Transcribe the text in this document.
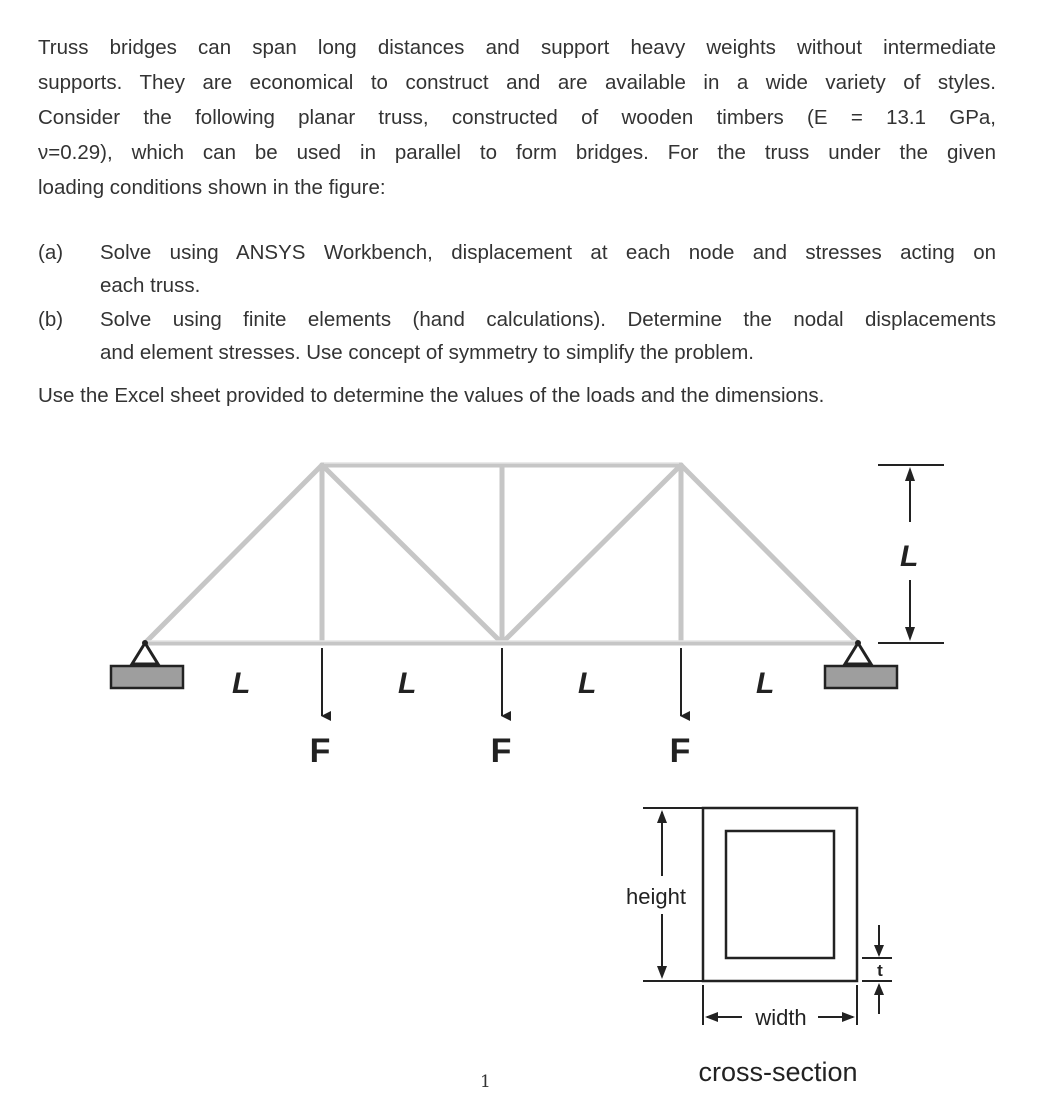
Truss bridges can span long distances and support heavy weights without intermediate
supports. They are economical to construct and are available in a wide variety of styles.
Consider the following planar truss, constructed of wooden timbers (E = 13.1 GPa,
ν=0.29), which can be used in parallel to form bridges. For the truss under the given
loading conditions shown in the figure:
(a) Solve using ANSYS Workbench, displacement at each node and stresses acting on
each truss.
(b) Solve using finite elements (hand calculations). Determine the nodal displacements
and element stresses. Use concept of symmetry to simplify the problem.
Use the Excel sheet provided to determine the values of the loads and the dimensions.
L	L	L	L
F	F	F
L
height
width
t
cross-section
1
